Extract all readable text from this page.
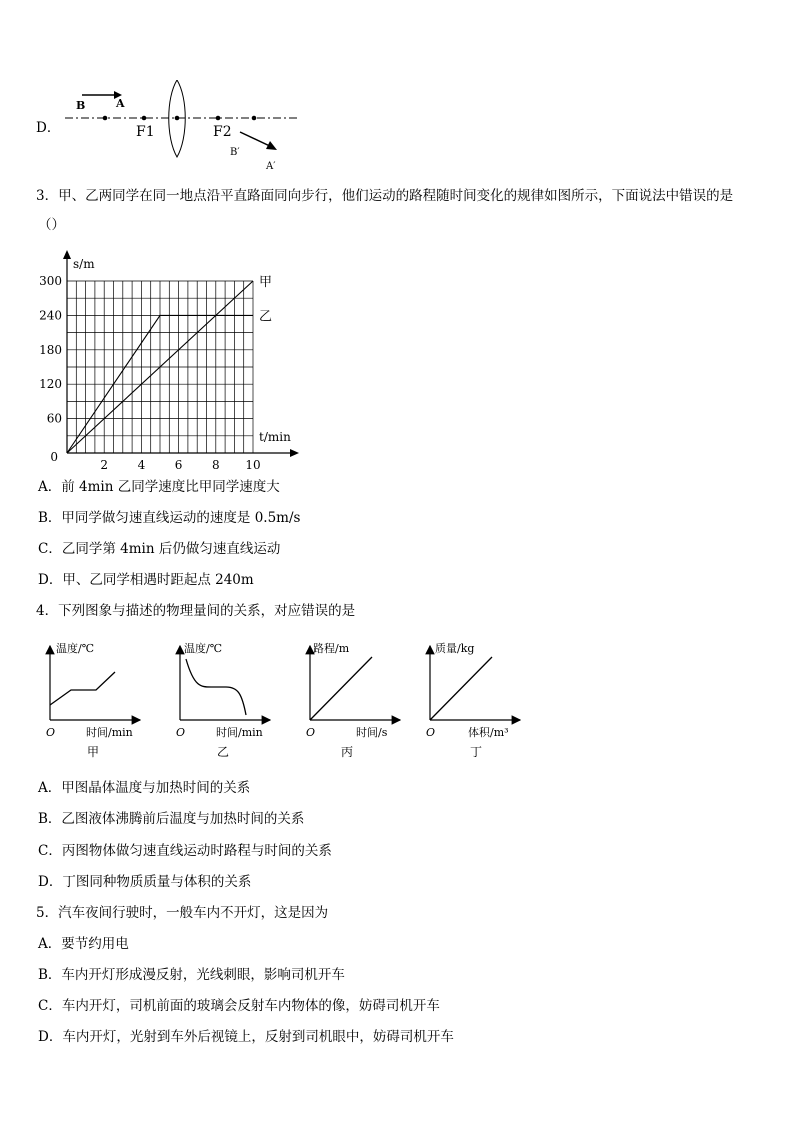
D．
B	A
F1	F2
B′
A′
3．甲、乙两同学在同一地点沿平直路面同向步行，他们运动的路程随时间变化的规律如图所示，下面说法中错误的是
（）
甲
乙
2 4 6 8 10
60
120
180
240
300
0
s/m
t/min
A．前 4min 乙同学速度比甲同学速度大
B．甲同学做匀速直线运动的速度是 0.5m/s
C．乙同学第 4min 后仍做匀速直线运动
D．甲、乙同学相遇时距起点 240m
4．下列图象与描述的物理量间的关系，对应错误的是
温度/℃
时间/min
O
甲
温度/℃
时间/min
O
乙
路程/m
时间/s
O
丙
质量/kg
体积/m³
O
丁
A．甲图晶体温度与加热时间的关系
B．乙图液体沸腾前后温度与加热时间的关系
C．丙图物体做匀速直线运动时路程与时间的关系
D．丁图同种物质质量与体积的关系
5．汽车夜间行驶时，一般车内不开灯，这是因为
A．要节约用电
B．车内开灯形成漫反射，光线刺眼，影响司机开车
C．车内开灯，司机前面的玻璃会反射车内物体的像，妨碍司机开车
D．车内开灯，光射到车外后视镜上，反射到司机眼中，妨碍司机开车
